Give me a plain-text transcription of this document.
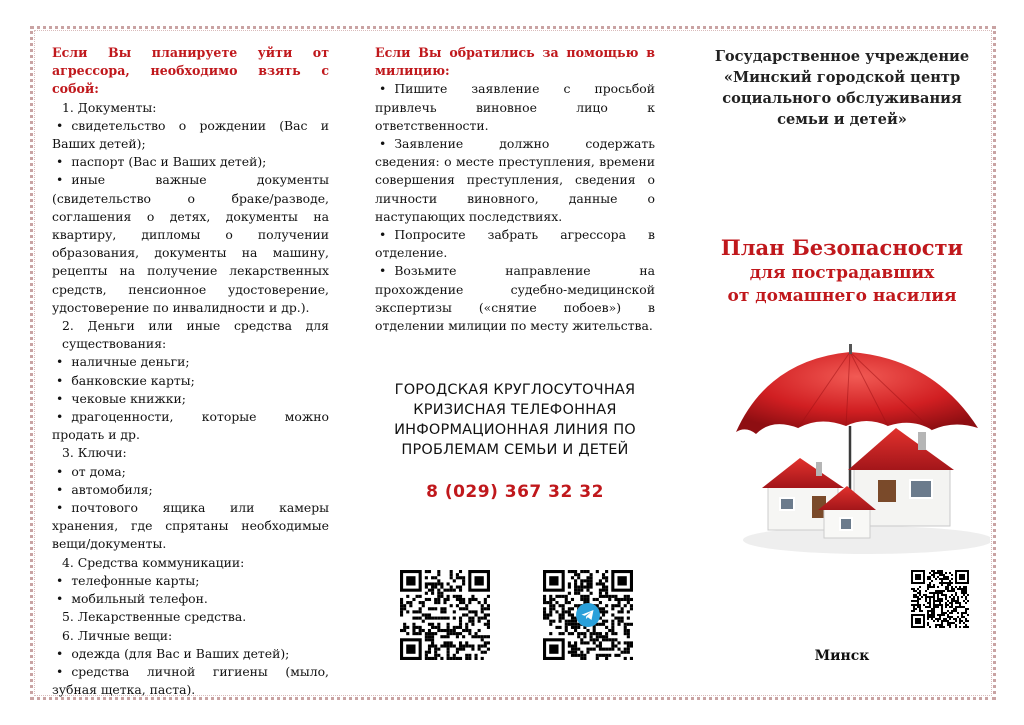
Если Вы планируете уйти от агрессора, необходимо взять с собой:
1. Документы:
• свидетельство о рождении (Вас и Ваших детей);
• паспорт (Вас и Ваших детей);
• иные важные документы (свидетельство о браке/разводе, соглашения о детях, документы на квартиру, дипломы о получении образования, документы на машину, рецепты на получение лекарственных средств, пенсионное удостоверение, удостоверение по инвалидности и др.).
2. Деньги или иные средства для существования:
• наличные деньги;
• банковские карты;
• чековые книжки;
• драгоценности, которые можно продать и др.
3. Ключи:
• от дома;
• автомобиля;
• почтового ящика или камеры хранения, где спрятаны необходимые вещи/документы.
4. Средства коммуникации:
• телефонные карты;
• мобильный телефон.
5. Лекарственные средства.
6. Личные вещи:
• одежда (для Вас и Ваших детей);
• средства личной гигиены (мыло, зубная щетка, паста).
Если Вы обратились за помощью в милицию:
• Пишите заявление с просьбой привлечь виновное лицо к ответственности.
• Заявление должно содержать сведения: о месте преступления, времени совершения преступления, сведения о личности виновного, данные о наступающих последствиях.
• Попросите забрать агрессора в отделение.
• Возьмите направление на прохождение судебно-медицинской экспертизы («снятие побоев») в отделении милиции по месту жительства.
ГОРОДСКАЯ КРУГЛОСУТОЧНАЯ
КРИЗИСНАЯ ТЕЛЕФОННАЯ
ИНФОРМАЦИОННАЯ ЛИНИЯ ПО
ПРОБЛЕМАМ СЕМЬИ И ДЕТЕЙ
8 (029) 367 32 32
Государственное учреждение
«Минский городской центр
социального обслуживания
семьи и детей»
План Безопасности
для пострадавших
от домашнего насилия
Минск
